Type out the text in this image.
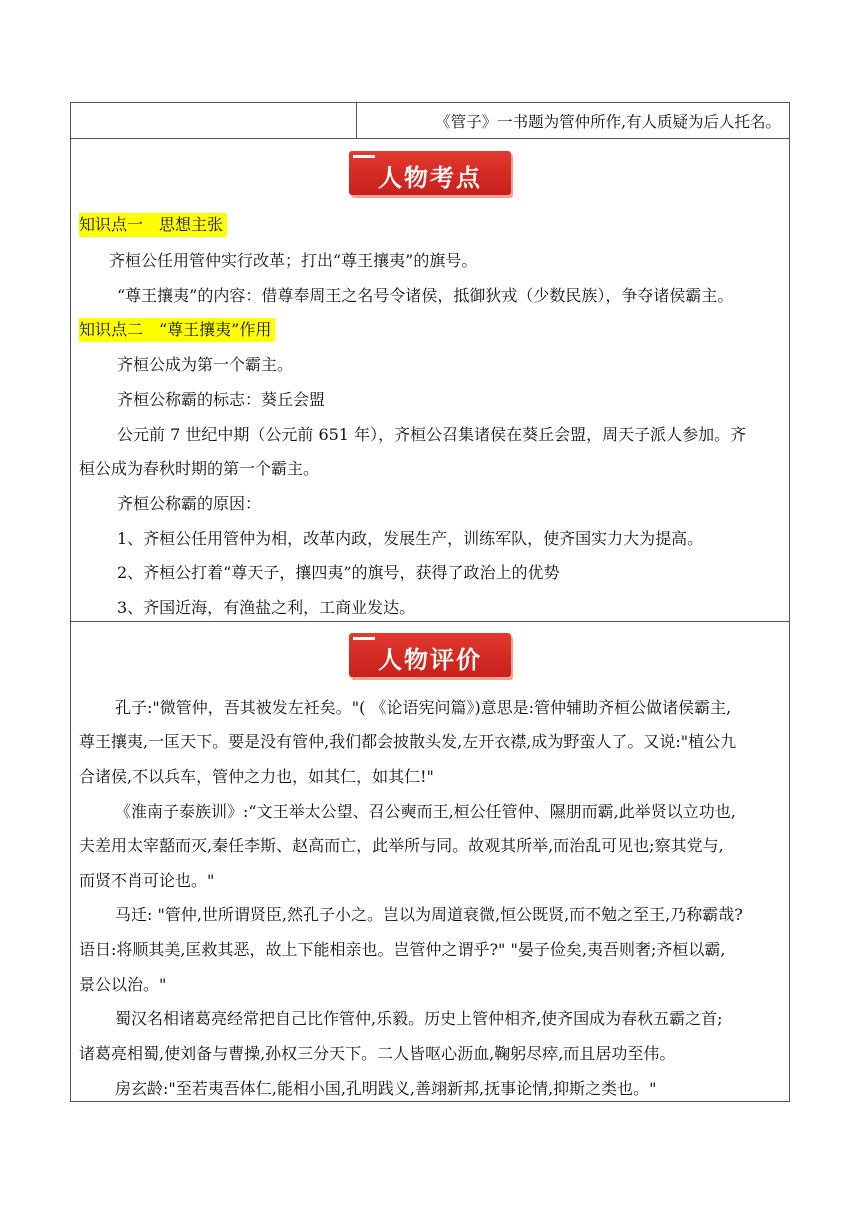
《管子》一书题为管仲所作,有人质疑为后人托名。
人物考点
知识点一　思想主张
齐桓公任用管仲实行改革；打出“尊王攘夷”的旗号。
“尊王攘夷”的内容：借尊奉周王之名号令诸侯，抵御狄戎（少数民族），争夺诸侯霸主。
知识点二　“尊王攘夷”作用
齐桓公成为第一个霸主。
齐桓公称霸的标志：葵丘会盟
公元前 7 世纪中期（公元前 651 年），齐桓公召集诸侯在葵丘会盟，周天子派人参加。齐
桓公成为春秋时期的第一个霸主。
齐桓公称霸的原因：
1、齐桓公任用管仲为相，改革内政，发展生产，训练军队，使齐国实力大为提高。
2、齐桓公打着“尊天子，攘四夷”的旗号，获得了政治上的优势
3、齐国近海，有渔盐之利，工商业发达。
人物评价
孔子:"微管仲，吾其被发左衽矣。"( 《论语宪问篇》)意思是:管仲辅助齐桓公做诸侯霸主,
尊王攘夷,一匡天下。要是没有管仲,我们都会披散头发,左开衣襟,成为野蛮人了。又说:"植公九
合诸侯,不以兵车，管仲之力也，如其仁，如其仁!"
《淮南子泰族训》:“文王举太公望、召公奭而王,桓公任管仲、隰朋而霸,此举贤以立功也,
夫差用太宰嚭而灭,秦任李斯、赵高而亡，此举所与同。故观其所举,而治乱可见也;察其党与,
而贤不肖可论也。"
马迁: "管仲,世所谓贤臣,然孔子小之。岂以为周道衰微,恒公既贤,而不勉之至王,乃称霸哉?
语日:将顺其美,匡救其恶，故上下能相亲也。岂管仲之谓乎?" "晏子俭矣,夷吾则奢;齐桓以霸,
景公以治。"
蜀汉名相诸葛亮经常把自己比作管仲,乐毅。历史上管仲相齐,使齐国成为春秋五霸之首;
诸葛亮相蜀,使刘备与曹操,孙权三分天下。二人皆呕心沥血,鞠躬尽瘁,而且居功至伟。
房玄龄:"至若夷吾体仁,能相小国,孔明践义,善翊新邦,抚事论情,抑斯之类也。"
